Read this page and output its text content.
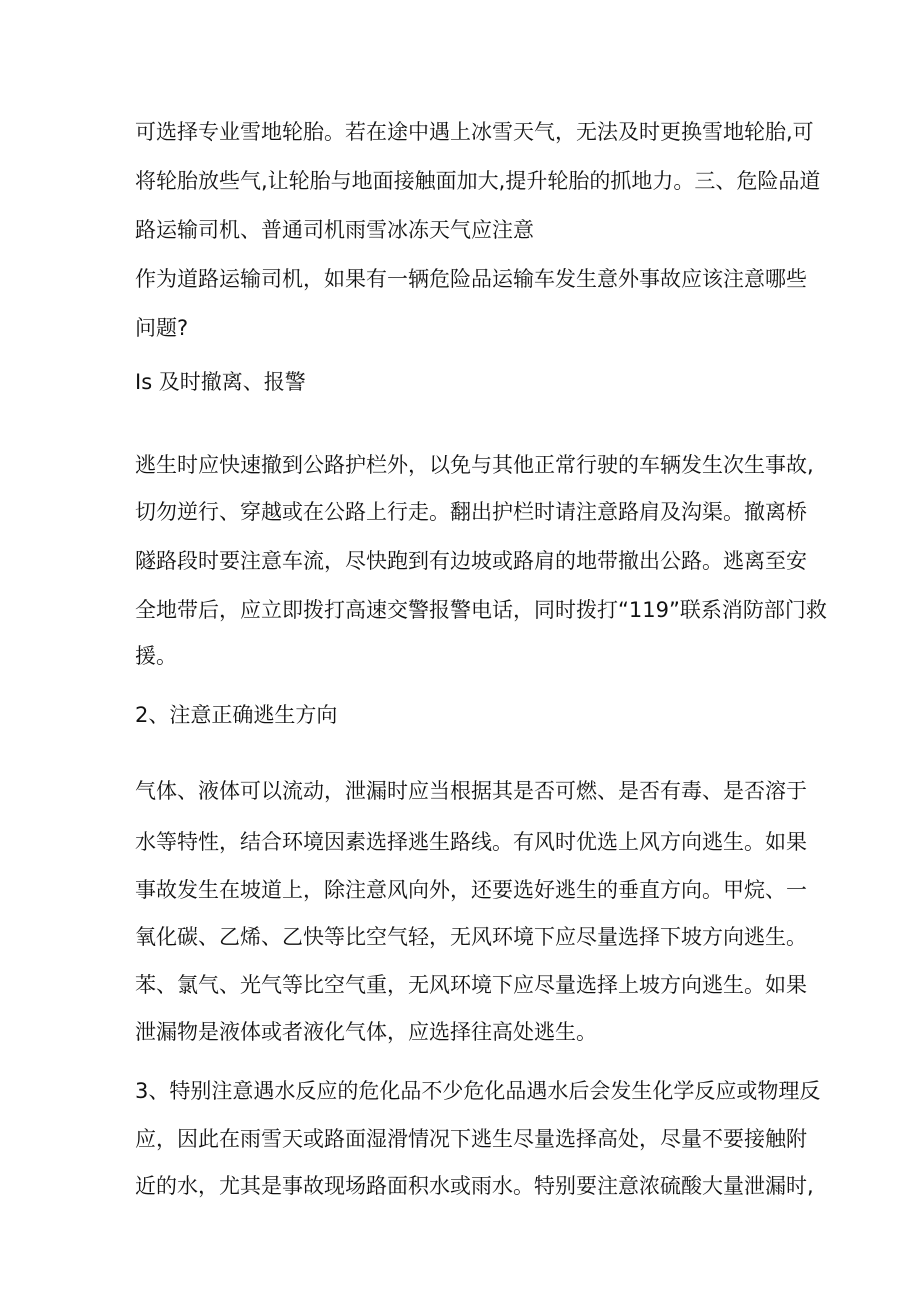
可选择专业雪地轮胎。若在途中遇上冰雪天气，无法及时更换雪地轮胎,可
将轮胎放些气,让轮胎与地面接触面加大,提升轮胎的抓地力。三、危险品道
路运输司机、普通司机雨雪冰冻天气应注意
作为道路运输司机，如果有一辆危险品运输车发生意外事故应该注意哪些
问题?
Is 及时撤离、报警
逃生时应快速撤到公路护栏外，以免与其他正常行驶的车辆发生次生事故,
切勿逆行、穿越或在公路上行走。翻出护栏时请注意路肩及沟渠。撤离桥
隧路段时要注意车流，尽快跑到有边坡或路肩的地带撤出公路。逃离至安
全地带后，应立即拨打高速交警报警电话，同时拨打“119”联系消防部门救
援。
2、注意正确逃生方向
气体、液体可以流动，泄漏时应当根据其是否可燃、是否有毒、是否溶于
水等特性，结合环境因素选择逃生路线。有风时优选上风方向逃生。如果
事故发生在坡道上，除注意风向外，还要选好逃生的垂直方向。甲烷、一
氧化碳、乙烯、乙快等比空气轻，无风环境下应尽量选择下坡方向逃生。
苯、氯气、光气等比空气重，无风环境下应尽量选择上坡方向逃生。如果
泄漏物是液体或者液化气体，应选择往高处逃生。
3、特别注意遇水反应的危化品不少危化品遇水后会发生化学反应或物理反
应，因此在雨雪天或路面湿滑情况下逃生尽量选择高处，尽量不要接触附
近的水，尤其是事故现场路面积水或雨水。特别要注意浓硫酸大量泄漏时,
